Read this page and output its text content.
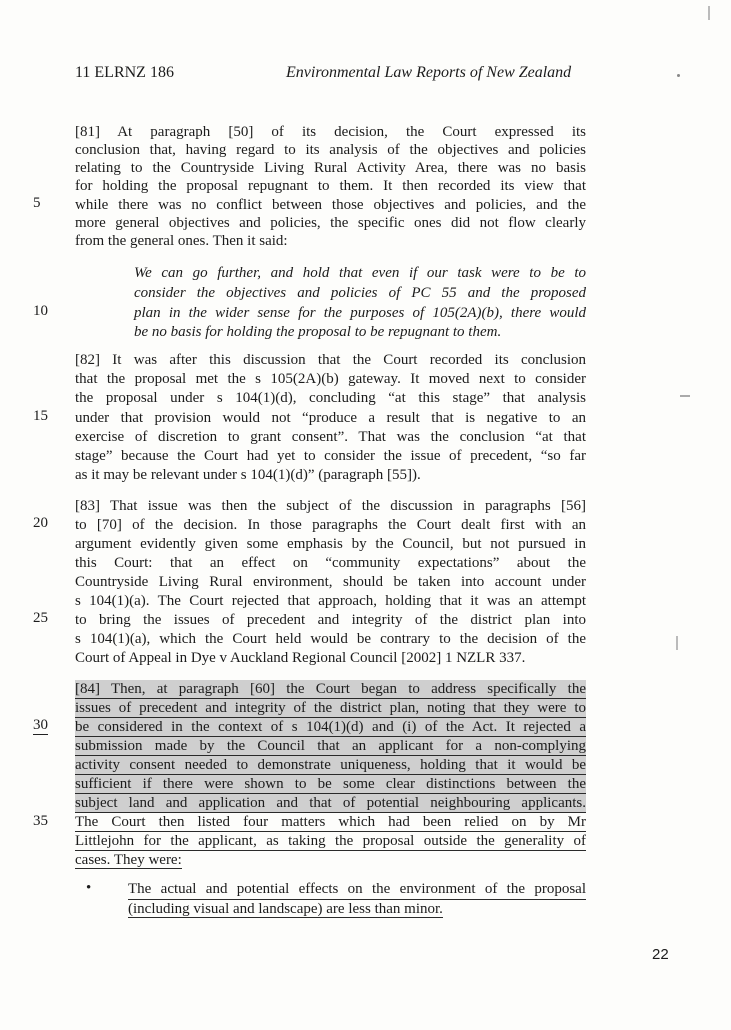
11 ELRNZ 186	Environmental Law Reports of New Zealand
[81] At paragraph [50] of its decision, the Court expressed its
conclusion that, having regard to its analysis of the objectives and policies
relating to the Countryside Living Rural Activity Area, there was no basis
for holding the proposal repugnant to them. It then recorded its view that
while there was no conflict between those objectives and policies, and the
more general objectives and policies, the specific ones did not flow clearly
from the general ones. Then it said:
We can go further, and hold that even if our task were to be to
consider the objectives and policies of PC 55 and the proposed
plan in the wider sense for the purposes of 105(2A)(b), there would
be no basis for holding the proposal to be repugnant to them.
[82] It was after this discussion that the Court recorded its conclusion
that the proposal met the s 105(2A)(b) gateway. It moved next to consider
the proposal under s 104(1)(d), concluding “at this stage” that analysis
under that provision would not “produce a result that is negative to an
exercise of discretion to grant consent”. That was the conclusion “at that
stage” because the Court had yet to consider the issue of precedent, “so far
as it may be relevant under s 104(1)(d)” (paragraph [55]).
[83] That issue was then the subject of the discussion in paragraphs [56]
to [70] of the decision. In those paragraphs the Court dealt first with an
argument evidently given some emphasis by the Council, but not pursued in
this Court: that an effect on “community expectations” about the
Countryside Living Rural environment, should be taken into account under
s 104(1)(a). The Court rejected that approach, holding that it was an attempt
to bring the issues of precedent and integrity of the district plan into
s 104(1)(a), which the Court held would be contrary to the decision of the
Court of Appeal in Dye v Auckland Regional Council [2002] 1 NZLR 337.
[84] Then, at paragraph [60] the Court began to address specifically the
issues of precedent and integrity of the district plan, noting that they were to
be considered in the context of s 104(1)(d) and (i) of the Act. It rejected a
submission made by the Council that an applicant for a non-complying
activity consent needed to demonstrate uniqueness, holding that it would be
sufficient if there were shown to be some clear distinctions between the
subject land and application and that of potential neighbouring applicants.
The Court then listed four matters which had been relied on by Mr
Littlejohn for the applicant, as taking the proposal outside the generality of
cases. They were:
• The actual and potential effects on the environment of the proposal
(including visual and landscape) are less than minor.
5
10
15
20
25
30
35
22
